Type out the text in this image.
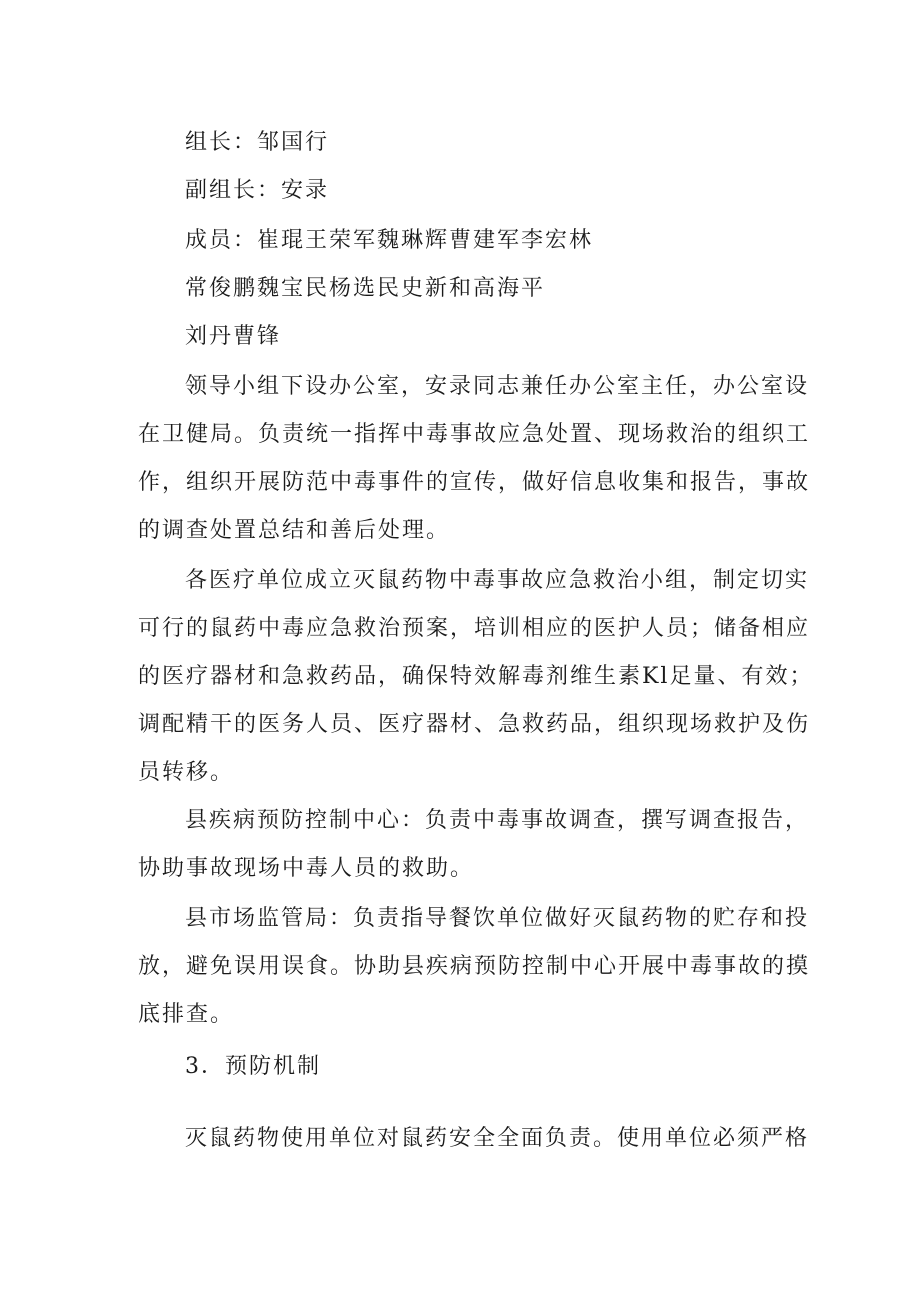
组长：邹国行
副组长：安录
成员：崔琨王荣军魏琳辉曹建军李宏林
常俊鹏魏宝民杨选民史新和高海平
刘丹曹锋
领导小组下设办公室，安录同志兼任办公室主任，办公室设
在卫健局。负责统一指挥中毒事故应急处置、现场救治的组织工
作，组织开展防范中毒事件的宣传，做好信息收集和报告，事故
的调查处置总结和善后处理。
各医疗单位成立灭鼠药物中毒事故应急救治小组，制定切实
可行的鼠药中毒应急救治预案，培训相应的医护人员；储备相应
的医疗器材和急救药品，确保特效解毒剂维生素Kl足量、有效；
调配精干的医务人员、医疗器材、急救药品，组织现场救护及伤
员转移。
县疾病预防控制中心：负责中毒事故调查，撰写调查报告，
协助事故现场中毒人员的救助。
县市场监管局：负责指导餐饮单位做好灭鼠药物的贮存和投
放，避免误用误食。协助县疾病预防控制中心开展中毒事故的摸
底排查。
3．预防机制
灭鼠药物使用单位对鼠药安全全面负责。使用单位必须严格
